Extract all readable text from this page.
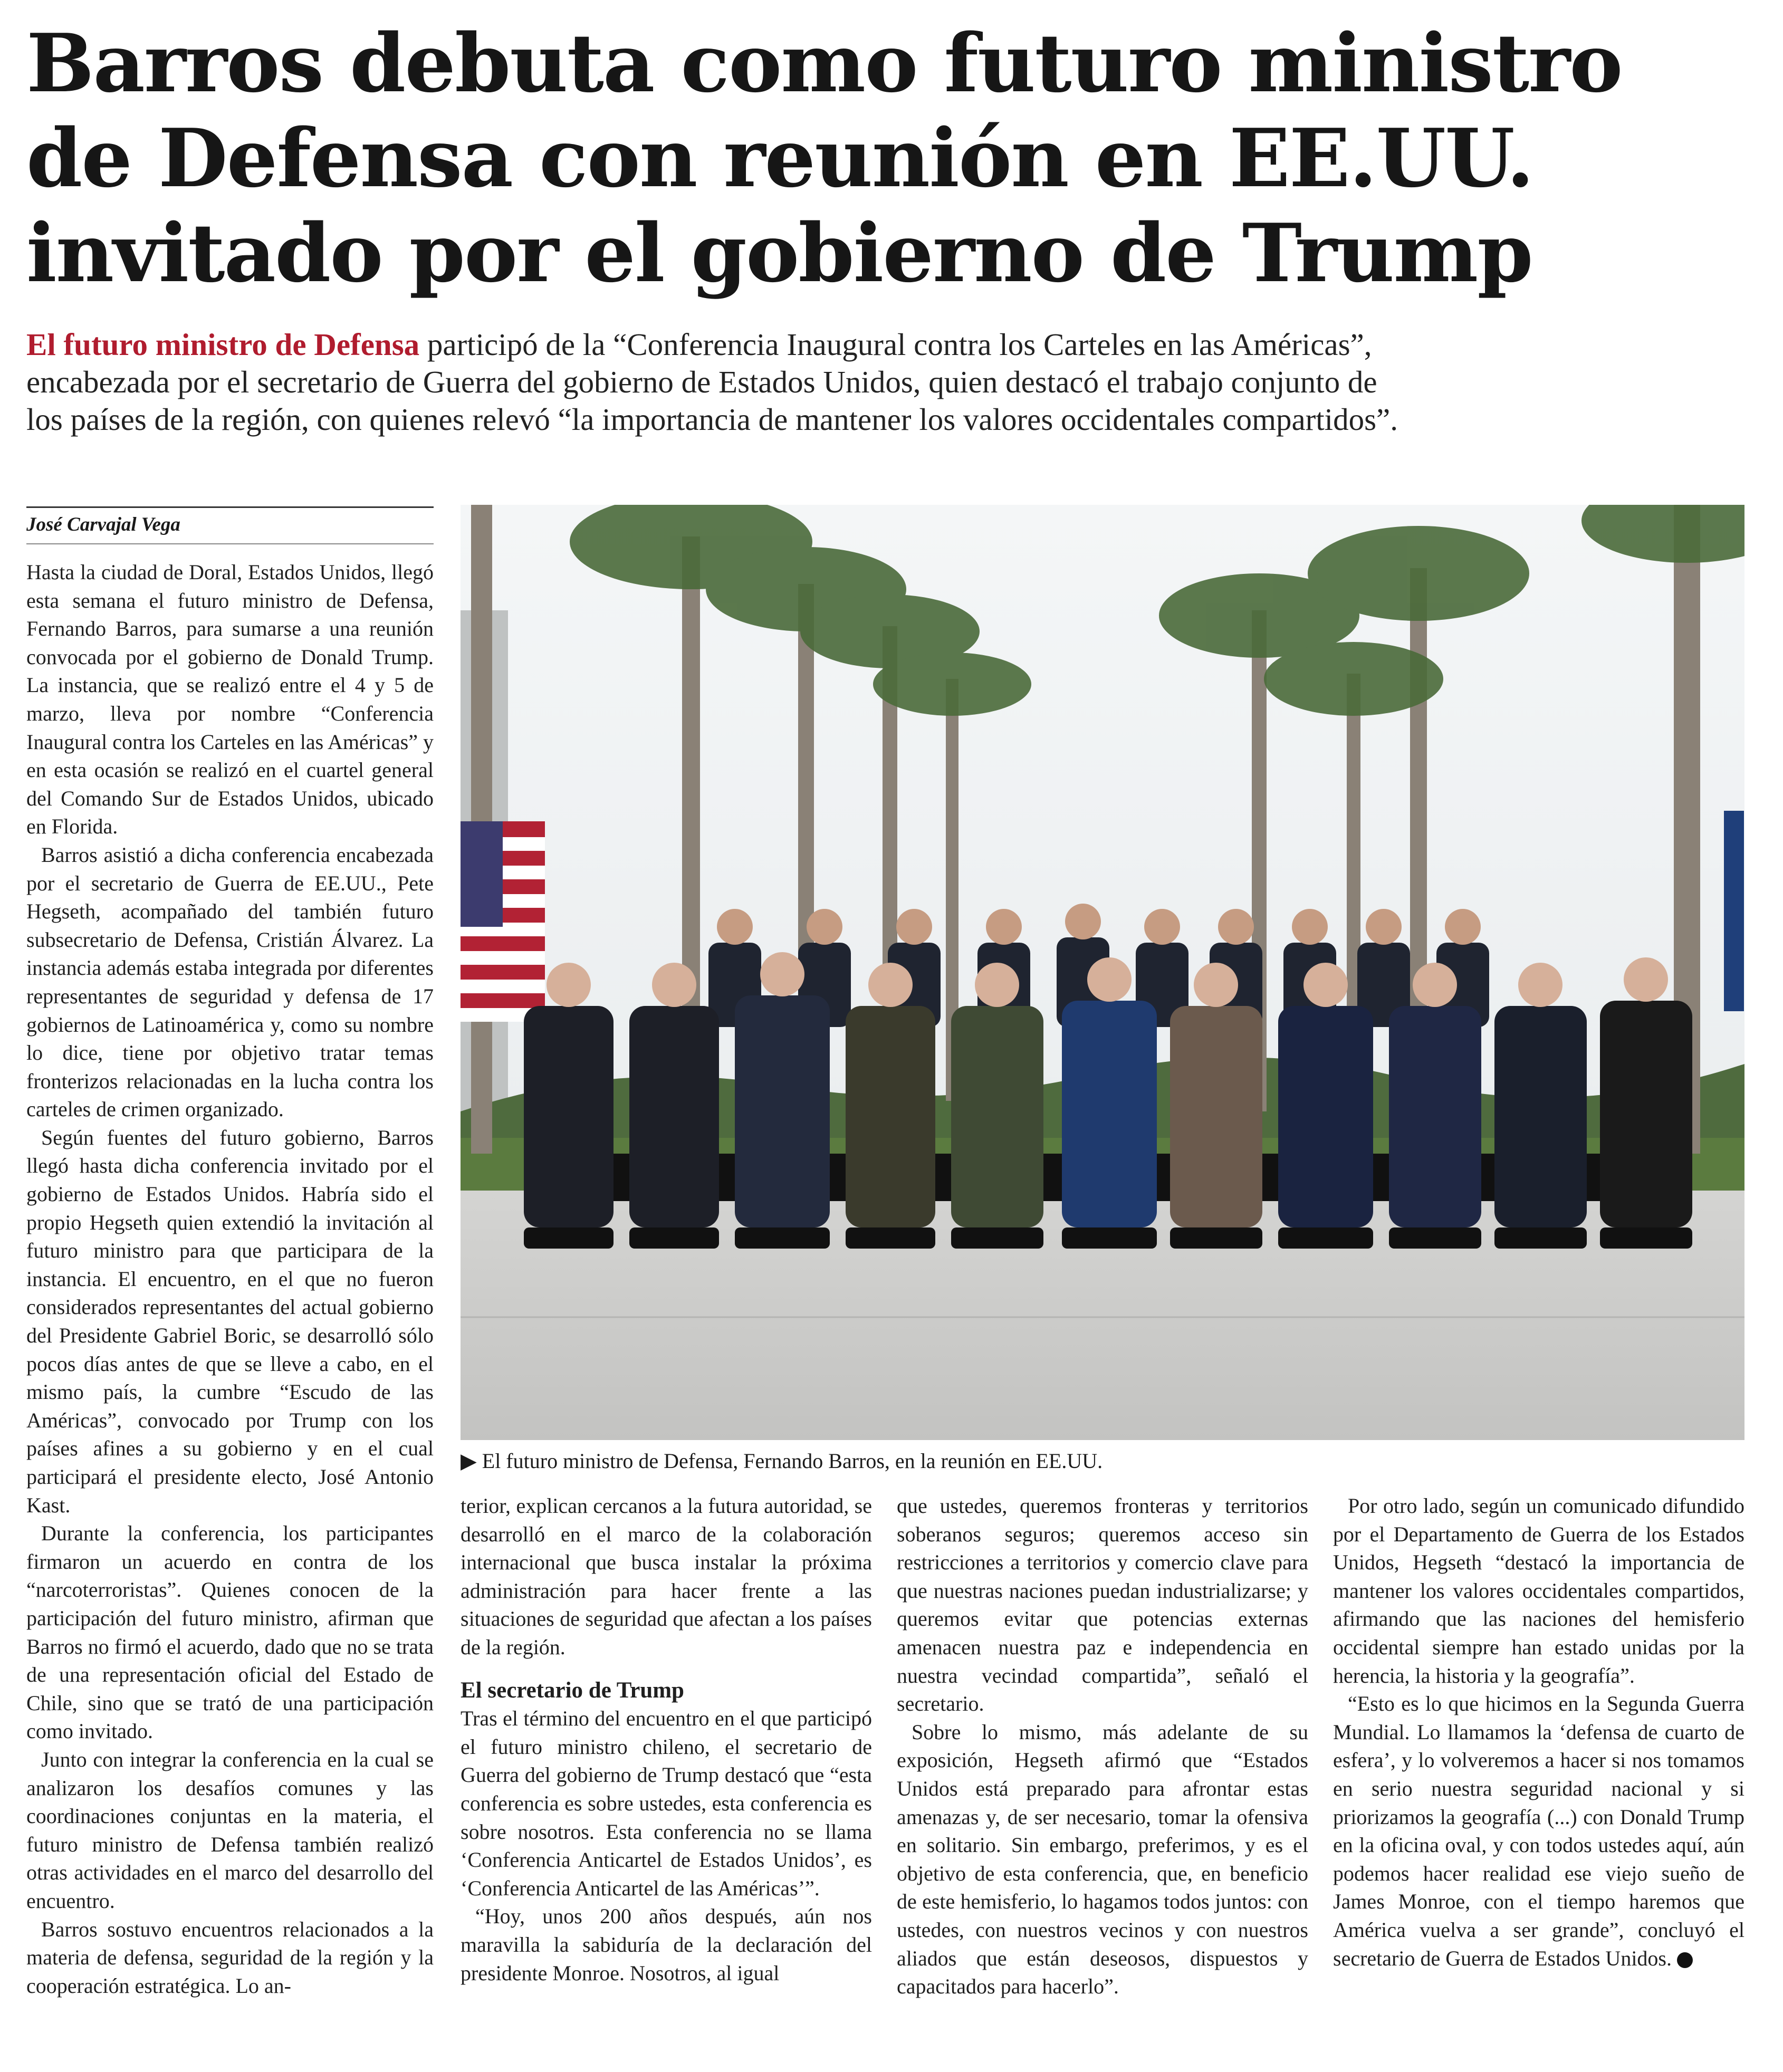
Barros debuta como futuro ministro
de Defensa con reunión en EE.UU.
invitado por el gobierno de Trump
El futuro ministro de Defensa participó de la “Conferencia Inaugural contra los Carteles en las Américas”,
encabezada por el secretario de Guerra del gobierno de Estados Unidos, quien destacó el trabajo conjunto de
los países de la región, con quienes relevó “la importancia de mantener los valores occidentales compartidos”.
José Carvajal Vega

Hasta la ciudad de Doral, Estados Unidos, llegó esta semana el futuro ministro de Defensa, Fernando Barros, para sumarse a una reunión convocada por el gobierno de Donald Trump. La instancia, que se realizó entre el 4 y 5 de marzo, lleva por nombre “Conferencia Inaugural contra los Carteles en las Américas” y en esta ocasión se realizó en el cuartel general del Comando Sur de Estados Unidos, ubicado en Florida.

Barros asistió a dicha conferencia encabezada por el secretario de Guerra de EE.UU., Pete Hegseth, acompañado del también futuro subsecretario de Defensa, Cristián Álvarez. La instancia además estaba integrada por diferentes representantes de seguridad y defensa de 17 gobiernos de Latinoamérica y, como su nombre lo dice, tiene por objetivo tratar temas fronterizos relacionadas en la lucha contra los carteles de crimen organizado.

Según fuentes del futuro gobierno, Barros llegó hasta dicha conferencia invitado por el gobierno de Estados Unidos. Habría sido el propio Hegseth quien extendió la invitación al futuro ministro para que participara de la instancia. El encuentro, en el que no fueron considerados representantes del actual gobierno del Presidente Gabriel Boric, se desarrolló sólo pocos días antes de que se lleve a cabo, en el mismo país, la cumbre “Escudo de las Américas”, convocado por Trump con los países afines a su gobierno y en el cual participará el presidente electo, José Antonio Kast.

Durante la conferencia, los participantes firmaron un acuerdo en contra de los “narcoterroristas”. Quienes conocen de la participación del futuro ministro, afirman que Barros no firmó el acuerdo, dado que no se trata de una representación oficial del Estado de Chile, sino que se trató de una participación como invitado.

Junto con integrar la conferencia en la cual se analizaron los desafíos comunes y las coordinaciones conjuntas en la materia, el futuro ministro de Defensa también realizó otras actividades en el marco del desarrollo del encuentro.

Barros sostuvo encuentros relacionados a la materia de defensa, seguridad de la región y la cooperación estratégica. Lo an-

▶ El futuro ministro de Defensa, Fernando Barros, en la reunión en EE.UU.

terior, explican cercanos a la futura autoridad, se desarrolló en el marco de la colaboración internacional que busca instalar la próxima administración para hacer frente a las situaciones de seguridad que afectan a los países de la región.

El secretario de Trump

Tras el término del encuentro en el que participó el futuro ministro chileno, el secretario de Guerra del gobierno de Trump destacó que “esta conferencia es sobre ustedes, esta conferencia es sobre nosotros. Esta conferencia no se llama ‘Conferencia Anticartel de Estados Unidos’, es ‘Conferencia Anticartel de las Américas’”.

“Hoy, unos 200 años después, aún nos maravilla la sabiduría de la declaración del presidente Monroe. Nosotros, al igual

que ustedes, queremos fronteras y territorios soberanos seguros; queremos acceso sin restricciones a territorios y comercio clave para que nuestras naciones puedan industrializarse; y queremos evitar que potencias externas amenacen nuestra paz e independencia en nuestra vecindad compartida”, señaló el secretario.

Sobre lo mismo, más adelante de su exposición, Hegseth afirmó que “Estados Unidos está preparado para afrontar estas amenazas y, de ser necesario, tomar la ofensiva en solitario. Sin embargo, preferimos, y es el objetivo de esta conferencia, que, en beneficio de este hemisferio, lo hagamos todos juntos: con ustedes, con nuestros vecinos y con nuestros aliados que están deseosos, dispuestos y capacitados para hacerlo”.

Por otro lado, según un comunicado difundido por el Departamento de Guerra de los Estados Unidos, Hegseth “destacó la importancia de mantener los valores occidentales compartidos, afirmando que las naciones del hemisferio occidental siempre han estado unidas por la herencia, la historia y la geografía”.

“Esto es lo que hicimos en la Segunda Guerra Mundial. Lo llamamos la ‘defensa de cuarto de esfera’, y lo volveremos a hacer si nos tomamos en serio nuestra seguridad nacional y si priorizamos la geografía (...) con Donald Trump en la oficina oval, y con todos ustedes aquí, aún podemos hacer realidad ese viejo sueño de James Monroe, con el tiempo haremos que América vuelva a ser grande”, concluyó el secretario de Guerra de Estados Unidos.
